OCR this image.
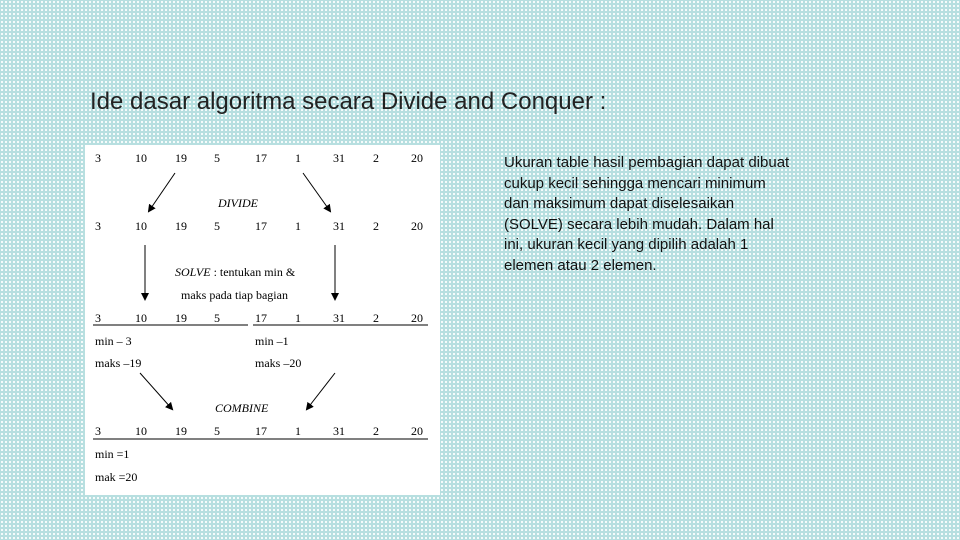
Ide dasar algoritma secara Divide and Conquer :
3	10 19 5	17 1	31 2	20
DIVIDE
3	10 19 5	17 1	31 2	20
SOLVE : tentukan min &
maks pada tiap bagian
3	10 19 5	17 1	31 2	20
min – 3	min –1
maks –19	maks –20
COMBINE
3	10 19 5	17 1	31 2	20
min =1
mak =20
Ukuran table hasil pembagian dapat dibuat cukup kecil sehingga mencari minimum dan maksimum dapat diselesaikan (SOLVE) secara lebih mudah. Dalam hal ini, ukuran kecil yang dipilih adalah 1 elemen atau 2 elemen.
